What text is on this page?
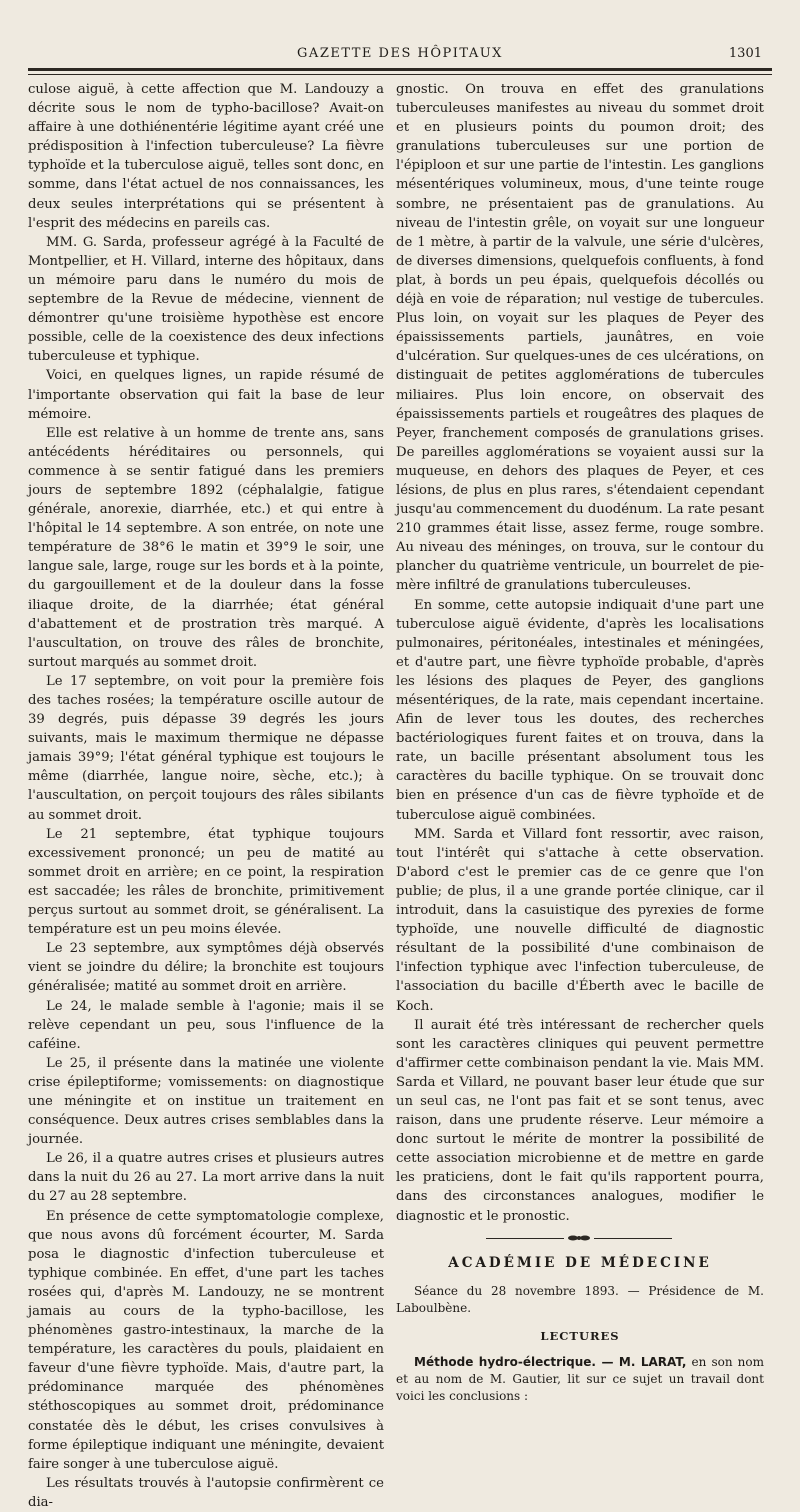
GAZETTE DES HÔPITAUX	1301

culose aiguë, à cette affection que M. Landouzy a décrite sous le nom de typho-bacillose? Avait-on affaire à une dothiénentérie légitime ayant créé une prédisposition à l'infection tuberculeuse? La fièvre typhoïde et la tuberculose aiguë, telles sont donc, en somme, dans l'état actuel de nos connaissances, les deux seules interprétations qui se présentent à l'esprit des médecins en pareils cas.

MM. G. Sarda, professeur agrégé à la Faculté de Montpellier, et H. Villard, interne des hôpitaux, dans un mémoire paru dans le numéro du mois de septembre de la Revue de médecine, viennent de démontrer qu'une troisième hypothèse est encore possible, celle de la coexistence des deux infections tuberculeuse et typhique.

Voici, en quelques lignes, un rapide résumé de l'importante observation qui fait la base de leur mémoire.

Elle est relative à un homme de trente ans, sans antécédents héréditaires ou personnels, qui commence à se sentir fatigué dans les premiers jours de septembre 1892 (céphalalgie, fatigue générale, anorexie, diarrhée, etc.) et qui entre à l'hôpital le 14 septembre. A son entrée, on note une température de 38°6 le matin et 39°9 le soir, une langue sale, large, rouge sur les bords et à la pointe, du gargouillement et de la douleur dans la fosse iliaque droite, de la diarrhée; état général d'abattement et de prostration très marqué. A l'auscultation, on trouve des râles de bronchite, surtout marqués au sommet droit.

Le 17 septembre, on voit pour la première fois des taches rosées; la température oscille autour de 39 degrés, puis dépasse 39 degrés les jours suivants, mais le maximum thermique ne dépasse jamais 39°9; l'état général typhique est toujours le même (diarrhée, langue noire, sèche, etc.); à l'auscultation, on perçoit toujours des râles sibilants au sommet droit.

Le 21 septembre, état typhique toujours excessivement prononcé; un peu de matité au sommet droit en arrière; en ce point, la respiration est saccadée; les râles de bronchite, primitivement perçus surtout au sommet droit, se généralisent. La température est un peu moins élevée.

Le 23 septembre, aux symptômes déjà observés vient se joindre du délire; la bronchite est toujours généralisée; matité au sommet droit en arrière.

Le 24, le malade semble à l'agonie; mais il se relève cependant un peu, sous l'influence de la caféine.

Le 25, il présente dans la matinée une violente crise épileptiforme; vomissements: on diagnostique une méningite et on institue un traitement en conséquence. Deux autres crises semblables dans la journée.

Le 26, il a quatre autres crises et plusieurs autres dans la nuit du 26 au 27. La mort arrive dans la nuit du 27 au 28 septembre.

En présence de cette symptomatologie complexe, que nous avons dû forcément écourter, M. Sarda posa le diagnostic d'infection tuberculeuse et typhique combinée. En effet, d'une part les taches rosées qui, d'après M. Landouzy, ne se montrent jamais au cours de la typho-bacillose, les phénomènes gastro-intestinaux, la marche de la température, les caractères du pouls, plaidaient en faveur d'une fièvre typhoïde. Mais, d'autre part, la prédominance marquée des phénomènes stéthoscopiques au sommet droit, prédominance constatée dès le début, les crises convulsives à forme épileptique indiquant une méningite, devaient faire songer à une tuberculose aiguë.

Les résultats trouvés à l'autopsie confirmèrent ce dia-

gnostic. On trouva en effet des granulations tuberculeuses manifestes au niveau du sommet droit et en plusieurs points du poumon droit; des granulations tuberculeuses sur une portion de l'épiploon et sur une partie de l'intestin. Les ganglions mésentériques volumineux, mous, d'une teinte rouge sombre, ne présentaient pas de granulations. Au niveau de l'intestin grêle, on voyait sur une longueur de 1 mètre, à partir de la valvule, une série d'ulcères, de diverses dimensions, quelquefois confluents, à fond plat, à bords un peu épais, quelquefois décollés ou déjà en voie de réparation; nul vestige de tubercules. Plus loin, on voyait sur les plaques de Peyer des épaississements partiels, jaunâtres, en voie d'ulcération. Sur quelques-unes de ces ulcérations, on distinguait de petites agglomérations de tubercules miliaires. Plus loin encore, on observait des épaississements partiels et rougeâtres des plaques de Peyer, franchement composés de granulations grises. De pareilles agglomérations se voyaient aussi sur la muqueuse, en dehors des plaques de Peyer, et ces lésions, de plus en plus rares, s'étendaient cependant jusqu'au commencement du duodénum. La rate pesant 210 grammes était lisse, assez ferme, rouge sombre. Au niveau des méninges, on trouva, sur le contour du plancher du quatrième ventricule, un bourrelet de pie-mère infiltré de granulations tuberculeuses.

En somme, cette autopsie indiquait d'une part une tuberculose aiguë évidente, d'après les localisations pulmonaires, péritonéales, intestinales et méningées, et d'autre part, une fièvre typhoïde probable, d'après les lésions des plaques de Peyer, des ganglions mésentériques, de la rate, mais cependant incertaine. Afin de lever tous les doutes, des recherches bactériologiques furent faites et on trouva, dans la rate, un bacille présentant absolument tous les caractères du bacille typhique. On se trouvait donc bien en présence d'un cas de fièvre typhoïde et de tuberculose aiguë combinées.

MM. Sarda et Villard font ressortir, avec raison, tout l'intérêt qui s'attache à cette observation. D'abord c'est le premier cas de ce genre que l'on publie; de plus, il a une grande portée clinique, car il introduit, dans la casuistique des pyrexies de forme typhoïde, une nouvelle difficulté de diagnostic résultant de la possibilité d'une combinaison de l'infection typhique avec l'infection tuberculeuse, de l'association du bacille d'Éberth avec le bacille de Koch.

Il aurait été très intéressant de rechercher quels sont les caractères cliniques qui peuvent permettre d'affirmer cette combinaison pendant la vie. Mais MM. Sarda et Villard, ne pouvant baser leur étude que sur un seul cas, ne l'ont pas fait et se sont tenus, avec raison, dans une prudente réserve. Leur mémoire a donc surtout le mérite de montrer la possibilité de cette association microbienne et de mettre en garde les praticiens, dont le fait qu'ils rapportent pourra, dans des circonstances analogues, modifier le diagnostic et le pronostic.

ACADÉMIE DE MÉDECINE

Séance du 28 novembre 1893. — Présidence de M. Laboulbène.

LECTURES

Méthode hydro-électrique. — M. LARAT, en son nom et au nom de M. Gautier, lit sur ce sujet un travail dont voici les conclusions :
